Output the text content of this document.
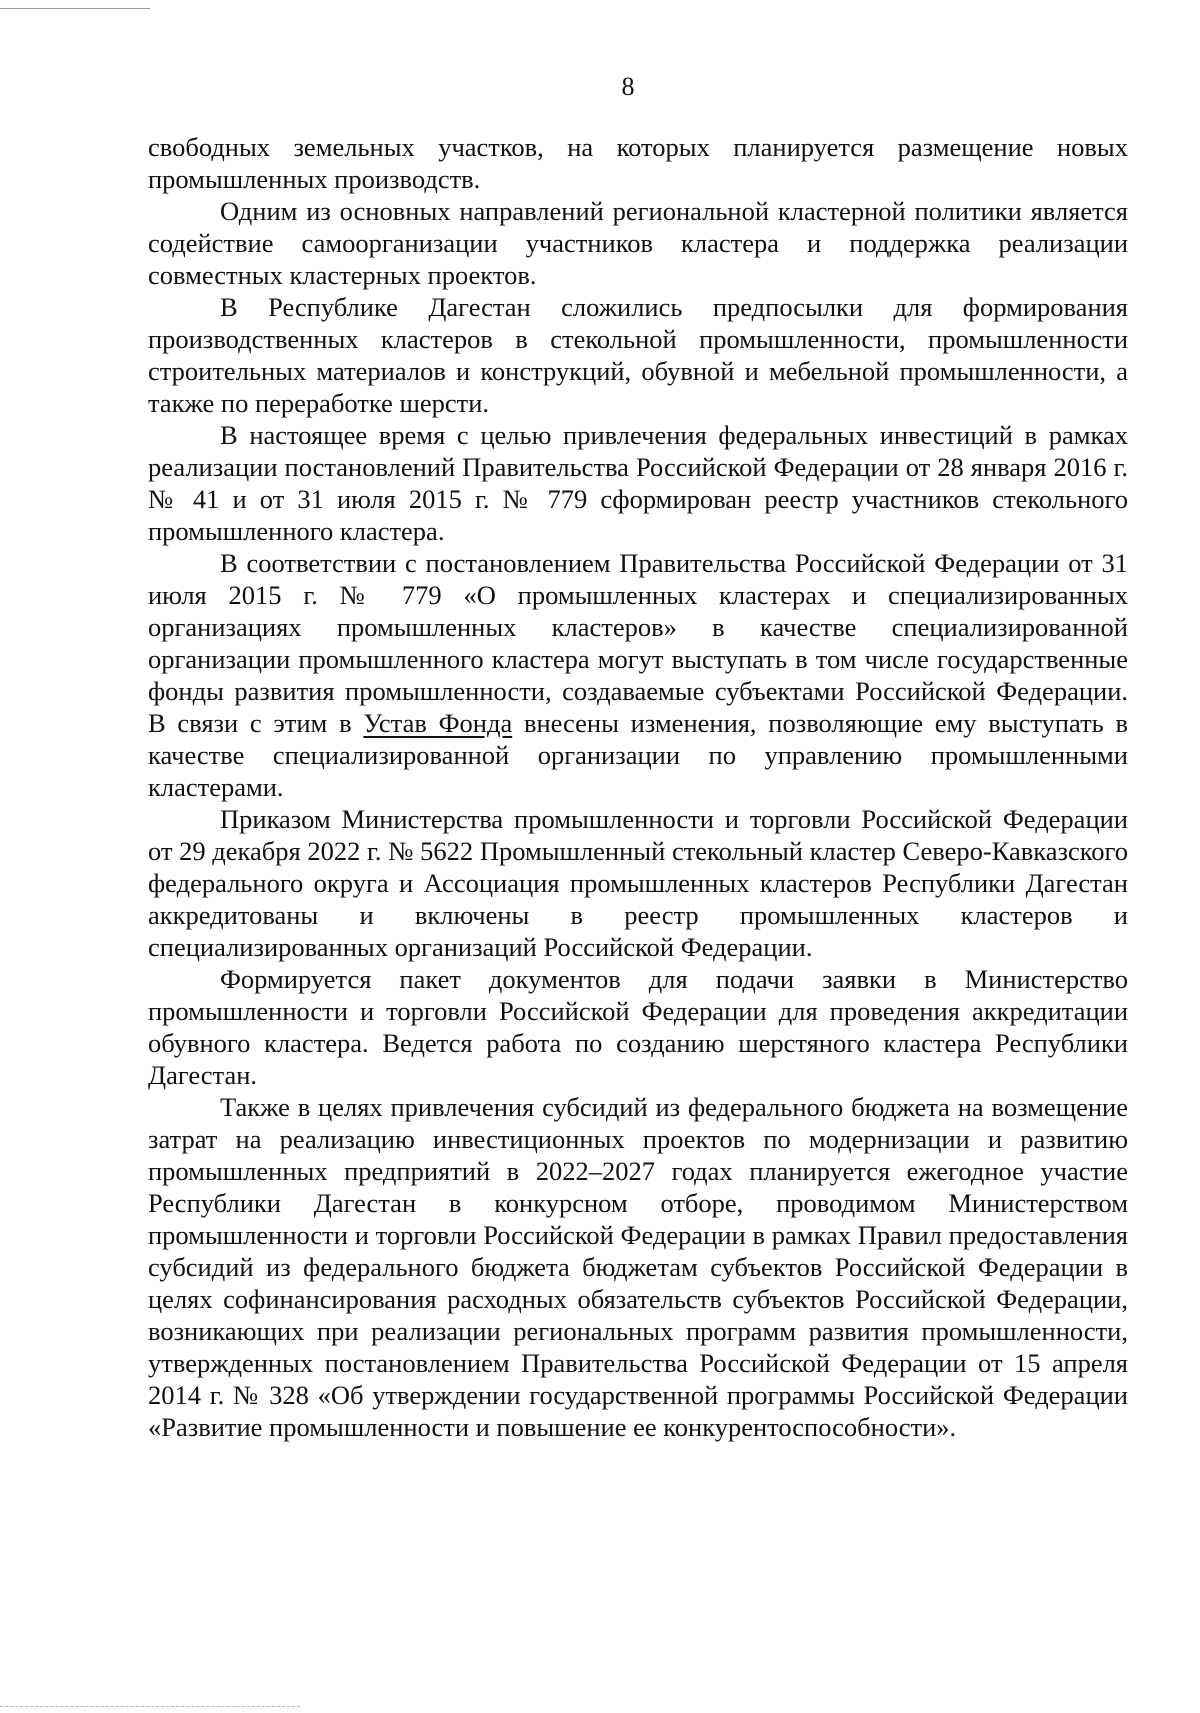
8

свободных земельных участков, на которых планируется размещение новых промышленных производств.

Одним из основных направлений региональной кластерной политики является содействие самоорганизации участников кластера и поддержка реализации совместных кластерных проектов.

В Республике Дагестан сложились предпосылки для формирования производственных кластеров в стекольной промышленности, промышленности строительных материалов и конструкций, обувной и мебельной промышленности, а также по переработке шерсти.

В настоящее время с целью привлечения федеральных инвестиций в рамках реализации постановлений Правительства Российской Федерации от 28 января 2016 г. № 41 и от 31 июля 2015 г. № 779 сформирован реестр участников стекольного промышленного кластера.

В соответствии с постановлением Правительства Российской Федерации от 31 июля 2015 г. № 779 «О промышленных кластерах и специализированных организациях промышленных кластеров» в качестве специализированной организации промышленного кластера могут выступать в том числе государственные фонды развития промышленности, создаваемые субъектами Российской Федерации. В связи с этим в Устав Фонда внесены изменения, позволяющие ему выступать в качестве специализированной организации по управлению промышленными кластерами.

Приказом Министерства промышленности и торговли Российской Федерации от 29 декабря 2022 г. № 5622 Промышленный стекольный кластер Северо-Кавказского федерального округа и Ассоциация промышленных кластеров Республики Дагестан аккредитованы и включены в реестр промышленных кластеров и специализированных организаций Российской Федерации.

Формируется пакет документов для подачи заявки в Министерство промышленности и торговли Российской Федерации для проведения аккредитации обувного кластера. Ведется работа по созданию шерстяного кластера Республики Дагестан.

Также в целях привлечения субсидий из федерального бюджета на возмещение затрат на реализацию инвестиционных проектов по модернизации и развитию промышленных предприятий в 2022–2027 годах планируется ежегодное участие Республики Дагестан в конкурсном отборе, проводимом Министерством промышленности и торговли Российской Федерации в рамках Правил предоставления субсидий из федерального бюджета бюджетам субъектов Российской Федерации в целях софинансирования расходных обязательств субъектов Российской Федерации, возникающих при реализации региональных программ развития промышленности, утвержденных постановлением Правительства Российской Федерации от 15 апреля 2014 г. № 328 «Об утверждении государственной программы Российской Федерации «Развитие промышленности и повышение ее конкурентоспособности».
